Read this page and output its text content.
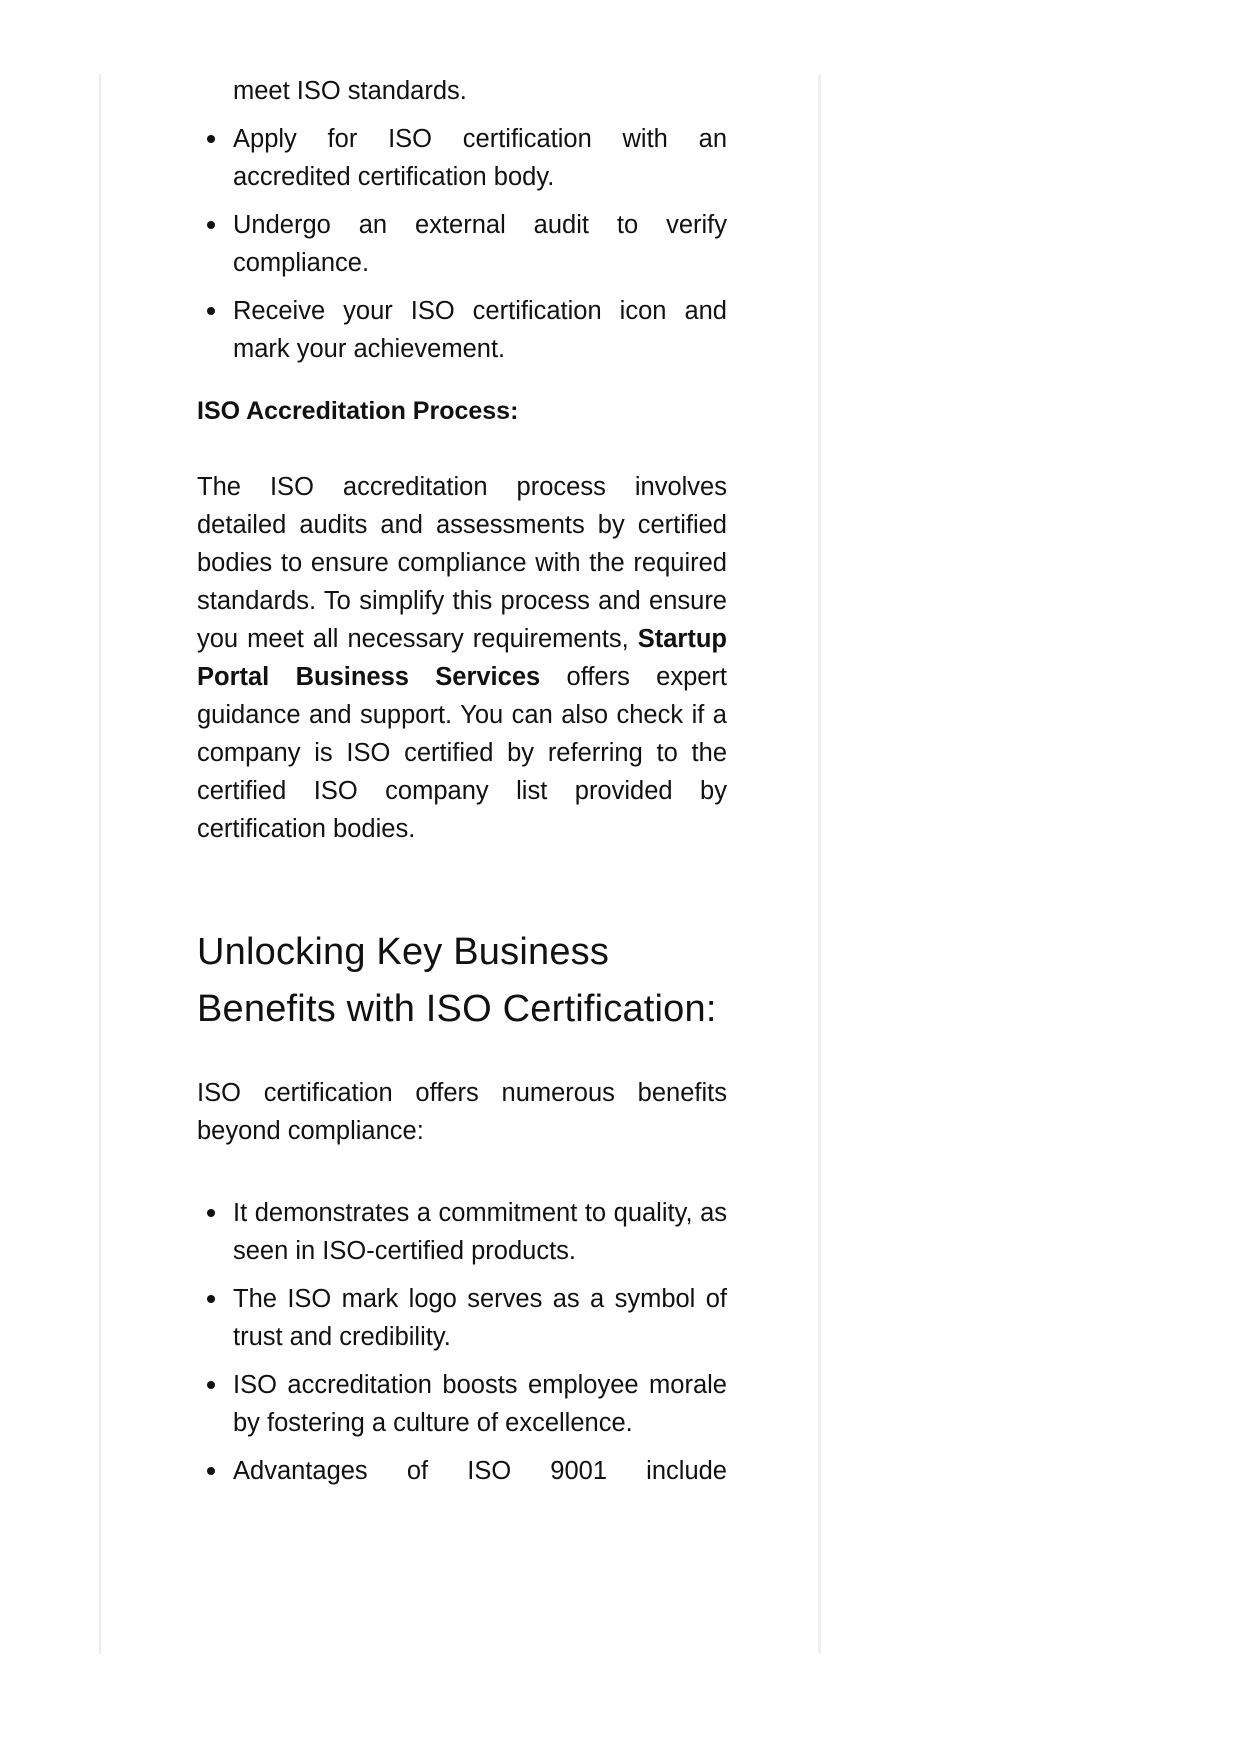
meet ISO standards.
Apply for ISO certification with an accredited certification body.
Undergo an external audit to verify compliance.
Receive your ISO certification icon and mark your achievement.

ISO Accreditation Process:

The ISO accreditation process involves detailed audits and assessments by certified bodies to ensure compliance with the required standards. To simplify this process and ensure you meet all necessary requirements, Startup Portal Business Services offers expert guidance and support. You can also check if a company is ISO certified by referring to the certified ISO company list provided by certification bodies.

Unlocking Key Business Benefits with ISO Certification:

ISO certification offers numerous benefits beyond compliance:

It demonstrates a commitment to quality, as seen in ISO-certified products.
The ISO mark logo serves as a symbol of trust and credibility.
ISO accreditation boosts employee morale by fostering a culture of excellence.
Advantages of ISO 9001 include
